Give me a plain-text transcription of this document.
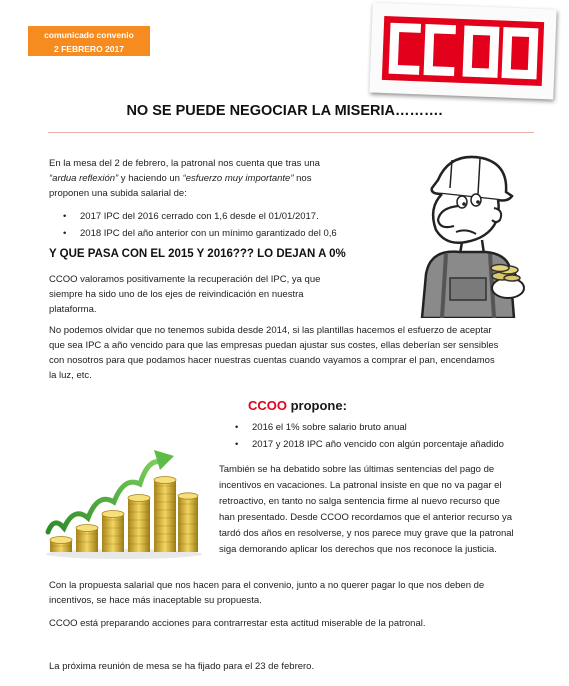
comunicado convenio
2 FEBRERO 2017
NO SE PUEDE NEGOCIAR LA MISERIA……….
En la mesa del 2 de febrero, la patronal nos cuenta que tras una
“ardua reflexión” y haciendo un “esfuerzo muy importante” nos
proponen una subida salarial de:
• 2017 IPC del 2016 cerrado con 1,6 desde el 01/01/2017.
• 2018 IPC del año anterior con un mínimo garantizado del 0,6
Y QUE PASA CON EL 2015 Y 2016??? LO DEJAN A 0%
CCOO valoramos positivamente la recuperación del IPC, ya que
siempre ha sido uno de los ejes de reivindicación en nuestra
plataforma.
No podemos olvidar que no tenemos subida desde 2014, si las plantillas hacemos el esfuerzo de aceptar
que sea IPC a año vencido para que las empresas puedan ajustar sus costes, ellas deberían ser sensibles
con nosotros para que podamos hacer nuestras cuentas cuando vayamos a comprar el pan, encendamos
la luz, etc.
CCOO propone:
• 2016 el 1% sobre salario bruto anual
• 2017 y 2018 IPC año vencido con algún porcentaje añadido
También se ha debatido sobre las últimas sentencias del pago de
incentivos en vacaciones. La patronal insiste en que no va pagar el
retroactivo, en tanto no salga sentencia firme al nuevo recurso que
han presentado. Desde CCOO recordamos que el anterior recurso ya
tardó dos años en resolverse, y nos parece muy grave que la patronal
siga demorando aplicar los derechos que nos reconoce la justicia.
Con la propuesta salarial que nos hacen para el convenio, junto a no querer pagar lo que nos deben de
incentivos, se hace más inaceptable su propuesta.
CCOO está preparando acciones para contrarrestar esta actitud miserable de la patronal.
La próxima reunión de mesa se ha fijado para el 23 de febrero.
